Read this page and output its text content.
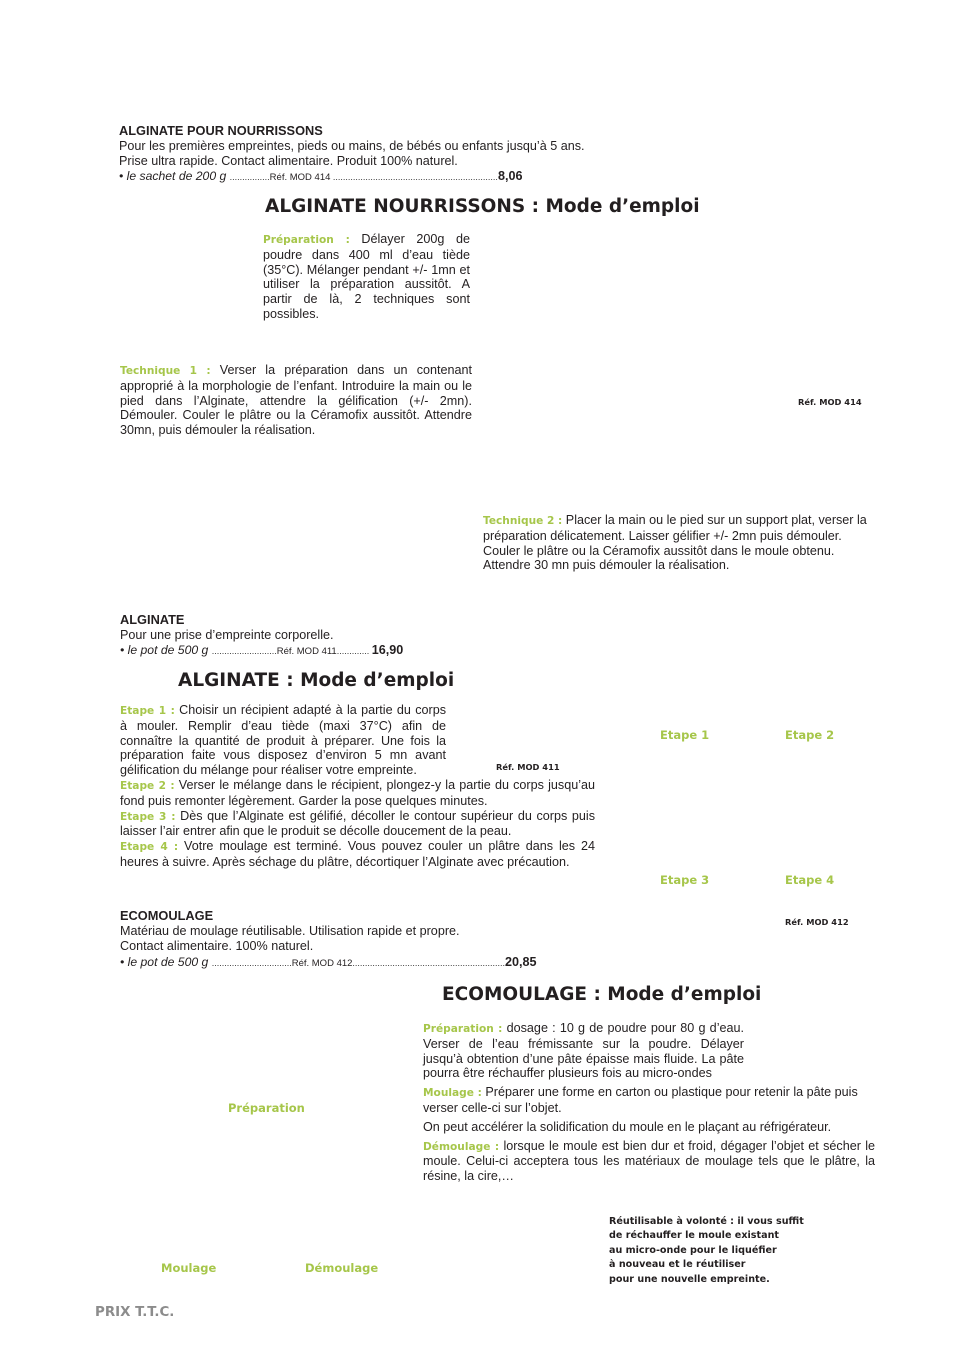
ALGINATE POUR NOURRISSONS
Pour les premières empreintes, pieds ou mains, de bébés ou enfants jusqu’à 5 ans.
Prise ultra rapide. Contact alimentaire. Produit 100% naturel.
• le sachet de 200 g ................Réf. MOD 414 ..................................................................8,06
ALGINATE NOURRISSONS : Mode d’emploi
Préparation : Délayer 200g de poudre dans 400 ml d’eau tiède (35°C). Mélanger pendant +/- 1mn et utiliser la préparation aussitôt. A partir de là, 2 techniques sont possibles.
Technique 1 : Verser la préparation dans un contenant approprié à la morphologie de l’enfant. Introduire la main ou le pied dans l’Alginate, attendre la gélification (+/- 2mn). Démouler. Couler le plâtre ou la Céramofix aussitôt. Attendre 30mn, puis démouler la réalisation.
Réf. MOD 414
Technique 2 : Placer la main ou le pied sur un support plat, verser la préparation délicatement. Laisser gélifier +/- 2mn puis démouler. Couler le plâtre ou la Céramofix aussitôt dans le moule obtenu. Attendre 30 mn puis démouler la réalisation.
ALGINATE
Pour une prise d’empreinte corporelle.
• le pot de 500 g ..........................Réf. MOD 411............. 16,90
ALGINATE : Mode d’emploi

Etape 1 : Choisir un récipient adapté à la partie du corps à mouler. Remplir d’eau tiède (maxi 37°C) afin de connaître la quantité de produit à préparer. Une fois la préparation faite vous disposez d’environ 5 mn avant gélification du mélange pour réaliser votre empreinte.

Etape 2 : Verser le mélange dans le récipient, plongez-y la partie du corps jusqu’au fond puis remonter légèrement. Garder la pose quelques minutes.

Etape 3 : Dès que l’Alginate est gélifié, décoller le contour supérieur du corps puis laisser l’air entrer afin que le produit se décolle doucement de la peau.

Etape 4 : Votre moulage est terminé. Vous pouvez couler un plâtre dans les 24 heures à suivre. Après séchage du plâtre, décortiquer l’Alginate avec précaution.

Réf. MOD 411
Etape 1	Etape 2
Etape 3	Etape 4
ECOMOULAGE
Matériau de moulage réutilisable. Utilisation rapide et propre.
Contact alimentaire. 100% naturel.
• le pot de 500 g ................................Réf. MOD 412.............................................................20,85
Réf. MOD 412
ECOMOULAGE : Mode d’emploi

Préparation : dosage : 10 g de poudre pour 80 g d’eau. Verser de l’eau frémissante sur la poudre. Délayer jusqu’à obtention d’une pâte épaisse mais fluide. La pâte pourra être réchauffer plusieurs fois au micro-ondes

Moulage : Préparer une forme en carton ou plastique pour retenir la pâte puis verser celle-ci sur l’objet.

On peut accélérer la solidification du moule en le plaçant au réfrigérateur.

Démoulage : lorsque le moule est bien dur et froid, dégager l’objet et sécher le moule. Celui-ci acceptera tous les matériaux de moulage tels que le plâtre, la résine, la cire,…

Préparation
Moulage	Démoulage
Réutilisable à volonté : il vous suffit
de réchauffer le moule existant
au micro-onde pour le liquéfier
à nouveau et le réutiliser
pour une nouvelle empreinte.
PRIX T.T.C.
